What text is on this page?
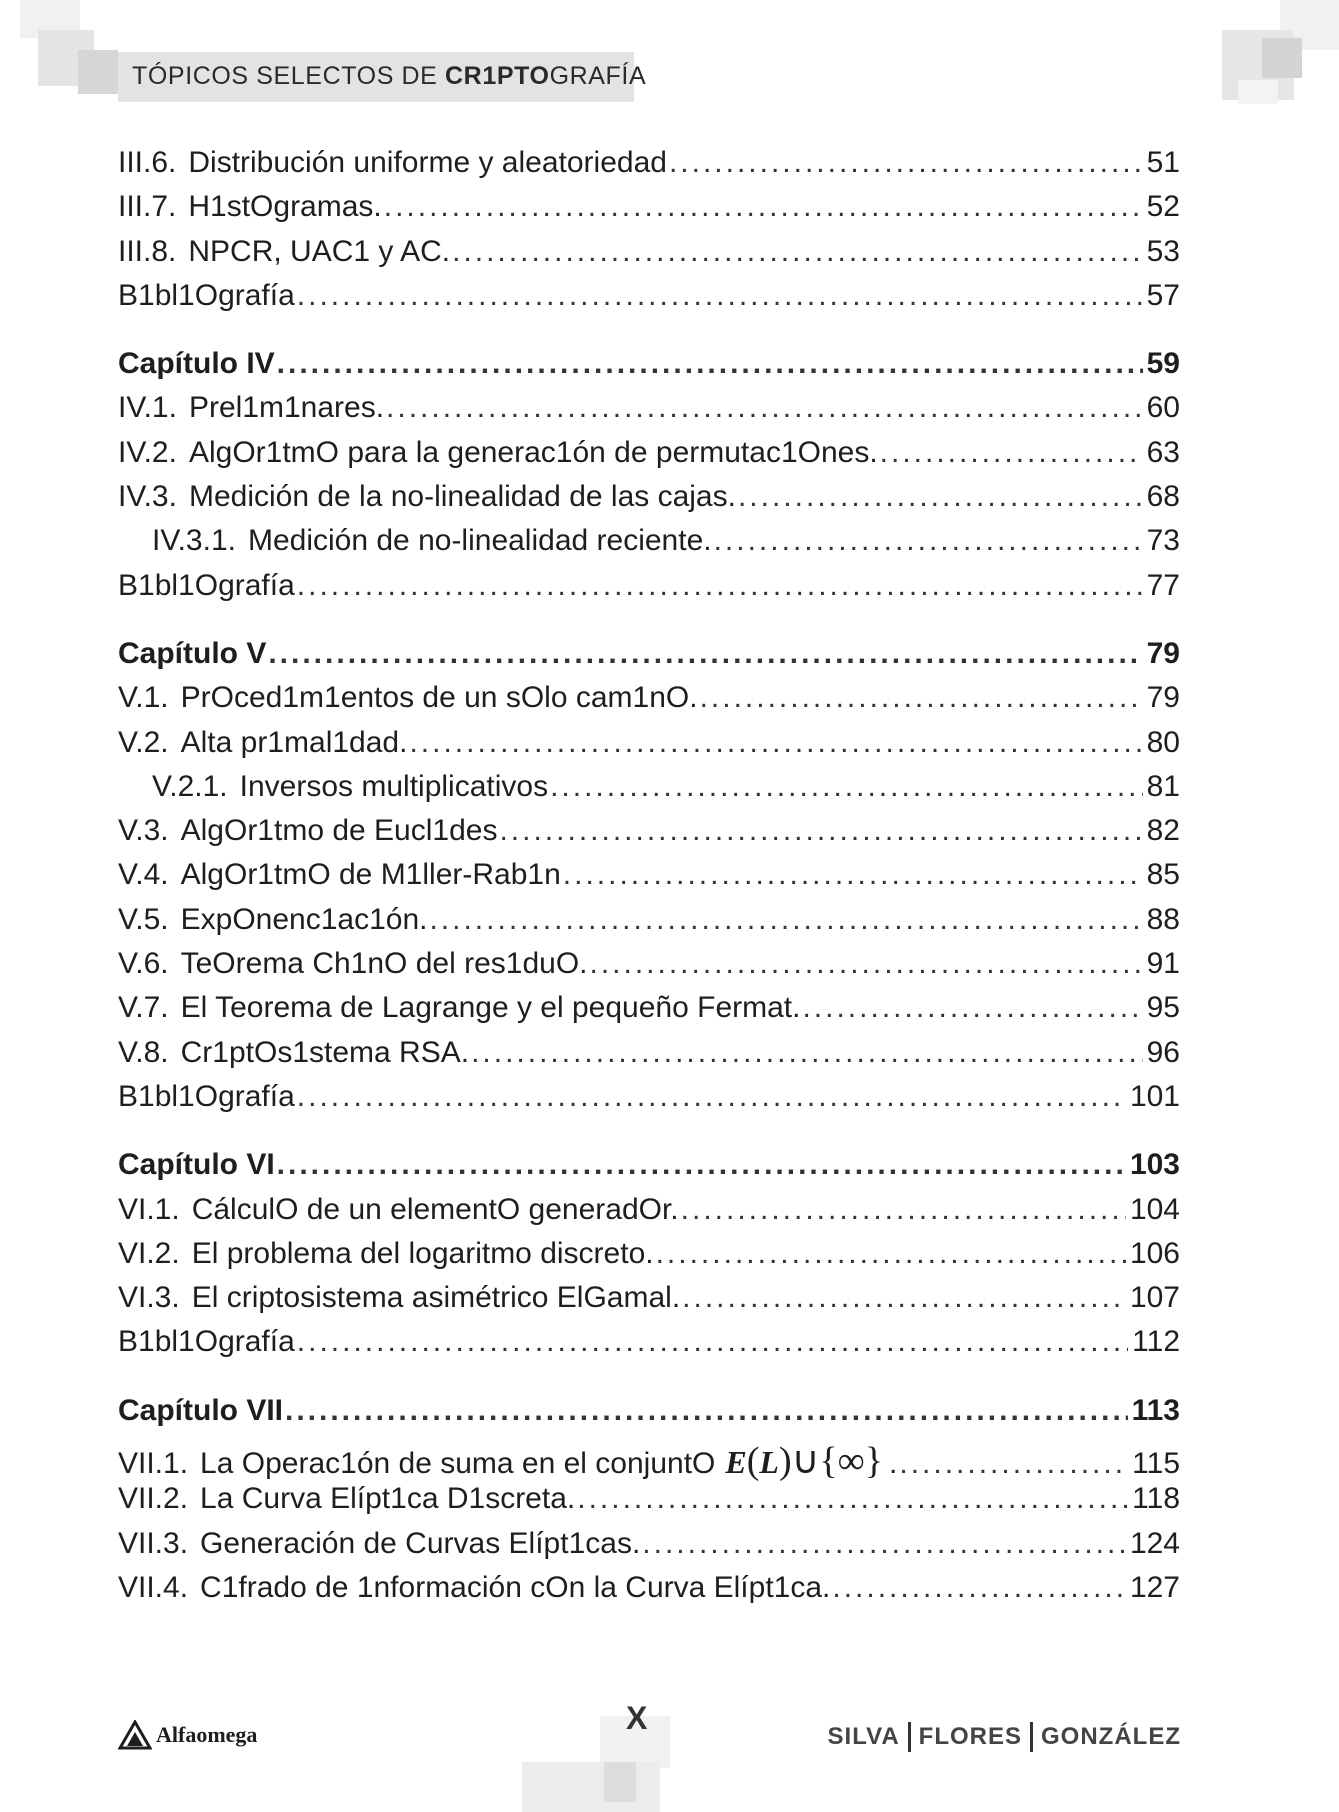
TÓPICOS SELECTOS DE CR1PTOGRAFÍA
III.6. Distribución uniforme y aleatoriedad .....	51
III.7. H1stOgramas. .....	52
III.8. NPCR, UAC1 y AC. .....	53
B1bl1Ografía .....	57
Capítulo IV .....	59
IV.1. Prel1m1nares. .....	60
IV.2. AlgOr1tmO para la generac1ón de permutac1Ones. .....	63
IV.3. Medición de la no-linealidad de las cajas. .....	68
IV.3.1. Medición de no-linealidad reciente. .....	73
B1bl1Ografía .....	77
Capítulo V .....	79
V.1. PrOced1m1entos de un sOlo cam1nO. .....	79
V.2. Alta pr1mal1dad. .....	80
V.2.1. Inversos multiplicativos .....	81
V.3. AlgOr1tmo de Eucl1des .....	82
V.4. AlgOr1tmO de M1ller-Rab1n .....	85
V.5. ExpOnenc1ac1ón. .....	88
V.6. TeOrema Ch1nO del res1duO. .....	91
V.7. El Teorema de Lagrange y el pequeño Fermat. .....	95
V.8. Cr1ptOs1stema RSA. .....	96
B1bl1Ografía .....	101
Capítulo VI .....	103
VI.1. CálculO de un elementO generadOr. .....	104
VI.2. El problema del logaritmo discreto. .....	106
VI.3. El criptosistema asimétrico ElGamal. .....	107
B1bl1Ografía .....	112
Capítulo VII .....	113
VII.1. La Operac1ón de suma en el conjuntO E(L)∪{∞} . .....	115
VII.2. La Curva Elípt1ca D1screta. .....	118
VII.3. Generación de Curvas Elípt1cas. .....	124
VII.4. C1frado de 1nformación cOn la Curva Elípt1ca. .....	127
Alfaomega	X
SILVA FLORES GONZÁLEZ
